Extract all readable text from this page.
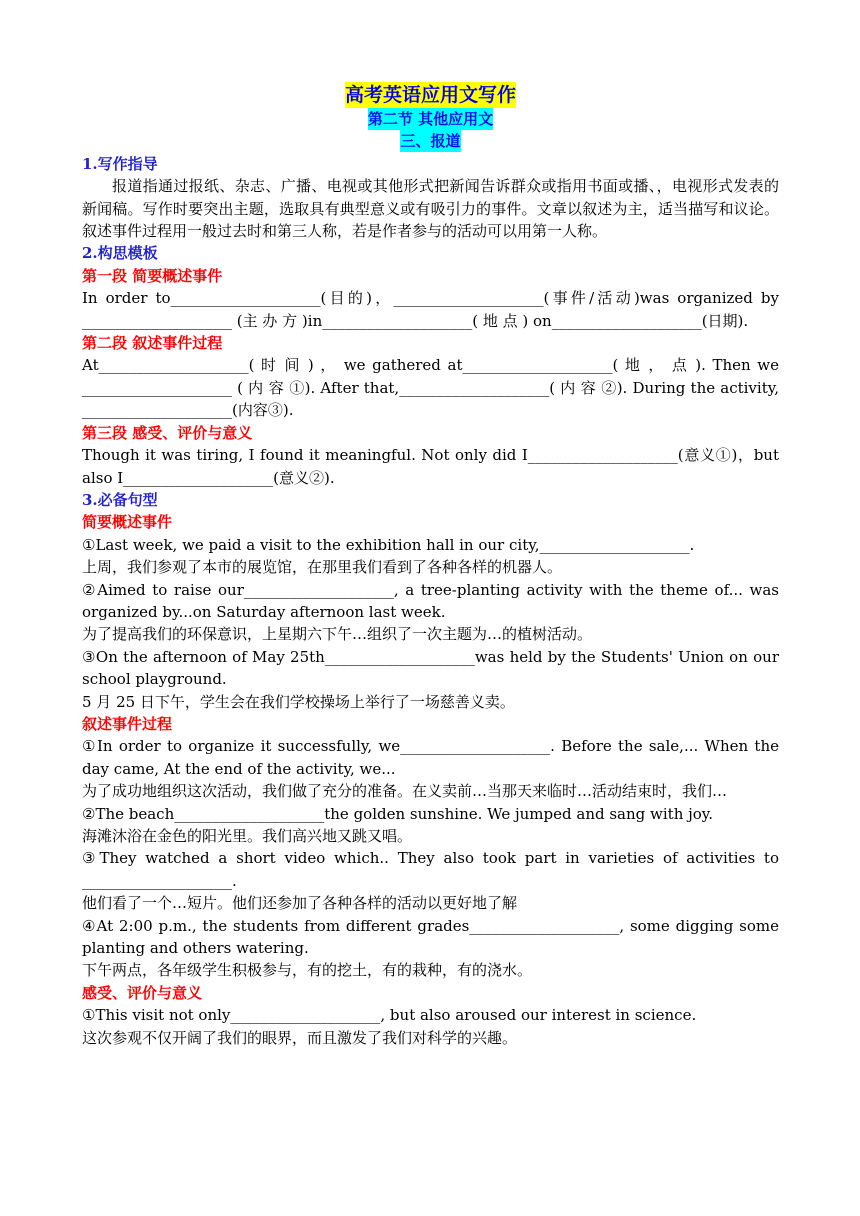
高考英语应用文写作
第二节 其他应用文
三、报道

1.写作指导

报道指通过报纸、杂志、广播、电视或其他形式把新闻告诉群众或指用书面或播、，电视形式发表的新闻稿。写作时要突出主题，选取具有典型意义或有吸引力的事件。文章以叙述为主，适当描写和议论。叙述事件过程用一般过去时和第三人称，若是作者参与的活动可以用第一人称。

2.构思模板

第一段 简要概述事件

In order to____________________(目的)，____________________(事件/活动)was organized by ____________________ (主 办 方 )in____________________( 地 点 ) on____________________(日期).

第二段 叙述事件过程

At____________________( 时 间 ) ， we gathered at____________________( 地 ， 点 ). Then we ____________________ ( 内 容 ①). After that,____________________( 内 容 ②). During the activity, ____________________(内容③).

第三段 感受、评价与意义

Though it was tiring, I found it meaningful. Not only did I____________________(意义①)，but also I____________________(意义②).

3.必备句型

简要概述事件

①Last week, we paid a visit to the exhibition hall in our city,____________________.

上周，我们参观了本市的展览馆，在那里我们看到了各种各样的机器人。

②Aimed to raise our____________________, a tree-planting activity with the theme of... was organized by...on Saturday afternoon last week.

为了提高我们的环保意识，上星期六下午…组织了一次主题为…的植树活动。

③On the afternoon of May 25th____________________was held by the Students' Union on our school playground.

5 月 25 日下午，学生会在我们学校操场上举行了一场慈善义卖。

叙述事件过程

①In order to organize it successfully, we____________________. Before the sale,... When the day came, At the end of the activity, we...

为了成功地组织这次活动，我们做了充分的准备。在义卖前…当那天来临时…活动结束时，我们…

②The beach____________________the golden sunshine. We jumped and sang with joy.

海滩沐浴在金色的阳光里。我们高兴地又跳又唱。

③They watched a short video which.. They also took part in varieties of activities to ____________________.

他们看了一个…短片。他们还参加了各种各样的活动以更好地了解

④At 2:00 p.m., the students from different grades____________________, some digging some planting and others watering.

下午两点，各年级学生积极参与，有的挖土，有的栽种，有的浇水。

感受、评价与意义

①This visit not only____________________, but also aroused our interest in science.

这次参观不仅开阔了我们的眼界，而且激发了我们对科学的兴趣。
